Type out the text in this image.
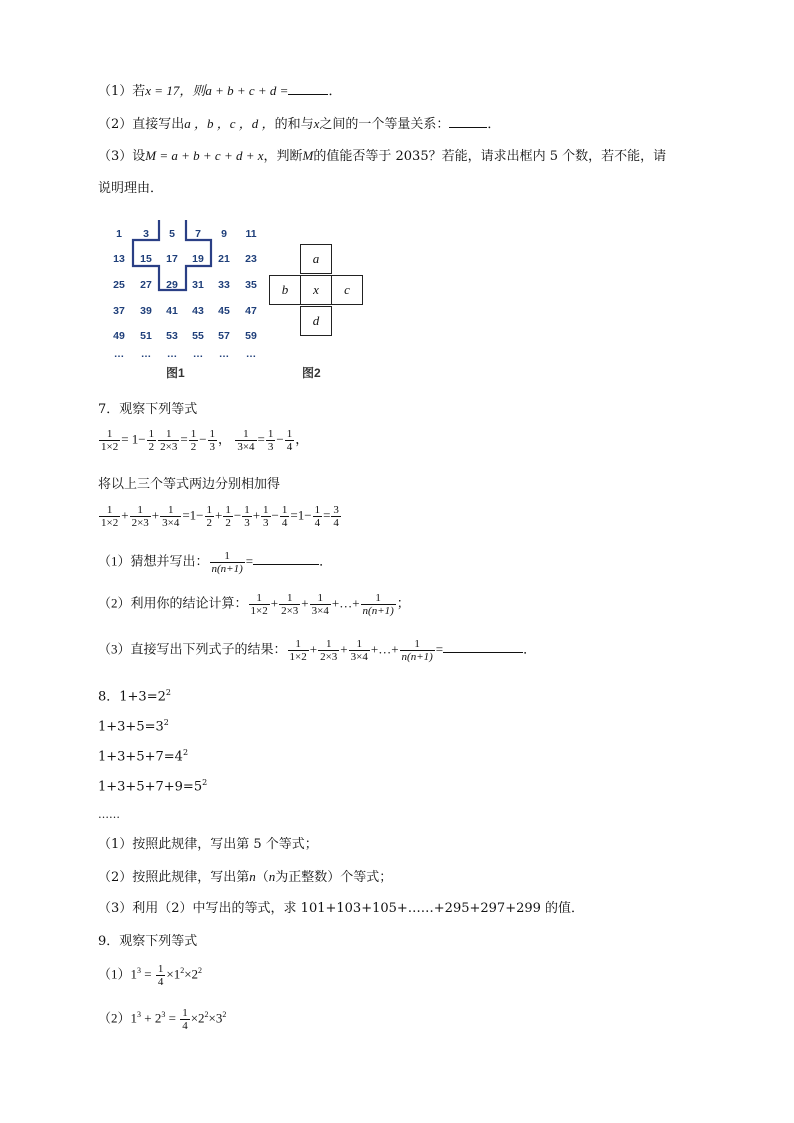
（1）若x = 17，则a + b + c + d =	．
（2）直接写出a ，b ，c ，d ，的和与x之间的一个等量关系：	．
（3）设M = a + b + c + d + x，判断M的值能否等于 2035？若能，请求出框内 5 个数，若不能，请
说明理由．
1	3	5	7	9	11
13	15	17	19	21	23
25	27	29	31	33	35
37	39	41	43	45	47
49	51	53	55	57	59
…	…	…	…	…	…
图1
a
b	x	c
d
图2
7．观察下列等式
$\frac{1}{1\times 2} = 1- \frac{1}{2} \frac{1}{2\times 3} = \frac{1}{2} - \frac{1}{3}$ ， $\frac{1}{3\times 4} = \frac{1}{3} - \frac{1}{4}$ ，
将以上三个等式两边分别相加得
$\frac{1}{1\times 2} + \frac{1}{2\times 3} + \frac{1}{3\times 4} =1- \frac{1}{2} + \frac{1}{2} - \frac{1}{3} + \frac{1}{3} - \frac{1}{4} =1- \frac{1}{4} = \frac{3}{4}$
（1）猜想并写出： $\frac{1}{n(n+1)}$ =	．
（2）利用你的结论计算： $\frac{1}{1\times 2} + \frac{1}{2\times 3} + \frac{1}{3\times 4}$ +…+ $\frac{1}{n(n+1)}$ ；
（3）直接写出下列式子的结果： $\frac{1}{1\times 2} + \frac{1}{2\times 3} + \frac{1}{3\times 4}$ +…+ $\frac{1}{n(n+1)}$ =	．
8．$1+3=2^2$
$1+3+5=3^2$
$1+3+5+7=4^2$
$1+3+5+7+9=5^2$
……
（1）按照此规律，写出第 5 个等式；
（2）按照此规律，写出第n（n为正整数）个等式；
（3）利用（2）中写出的等式，求 101+103+105+……+295+297+299 的值．
9．观察下列等式
$(1)1^3 = \frac{1}{4} \times 1^2\times 2^2$
$(2)1^3 + 2^3 = \frac{1}{4} \times 2^2\times 3^2$
